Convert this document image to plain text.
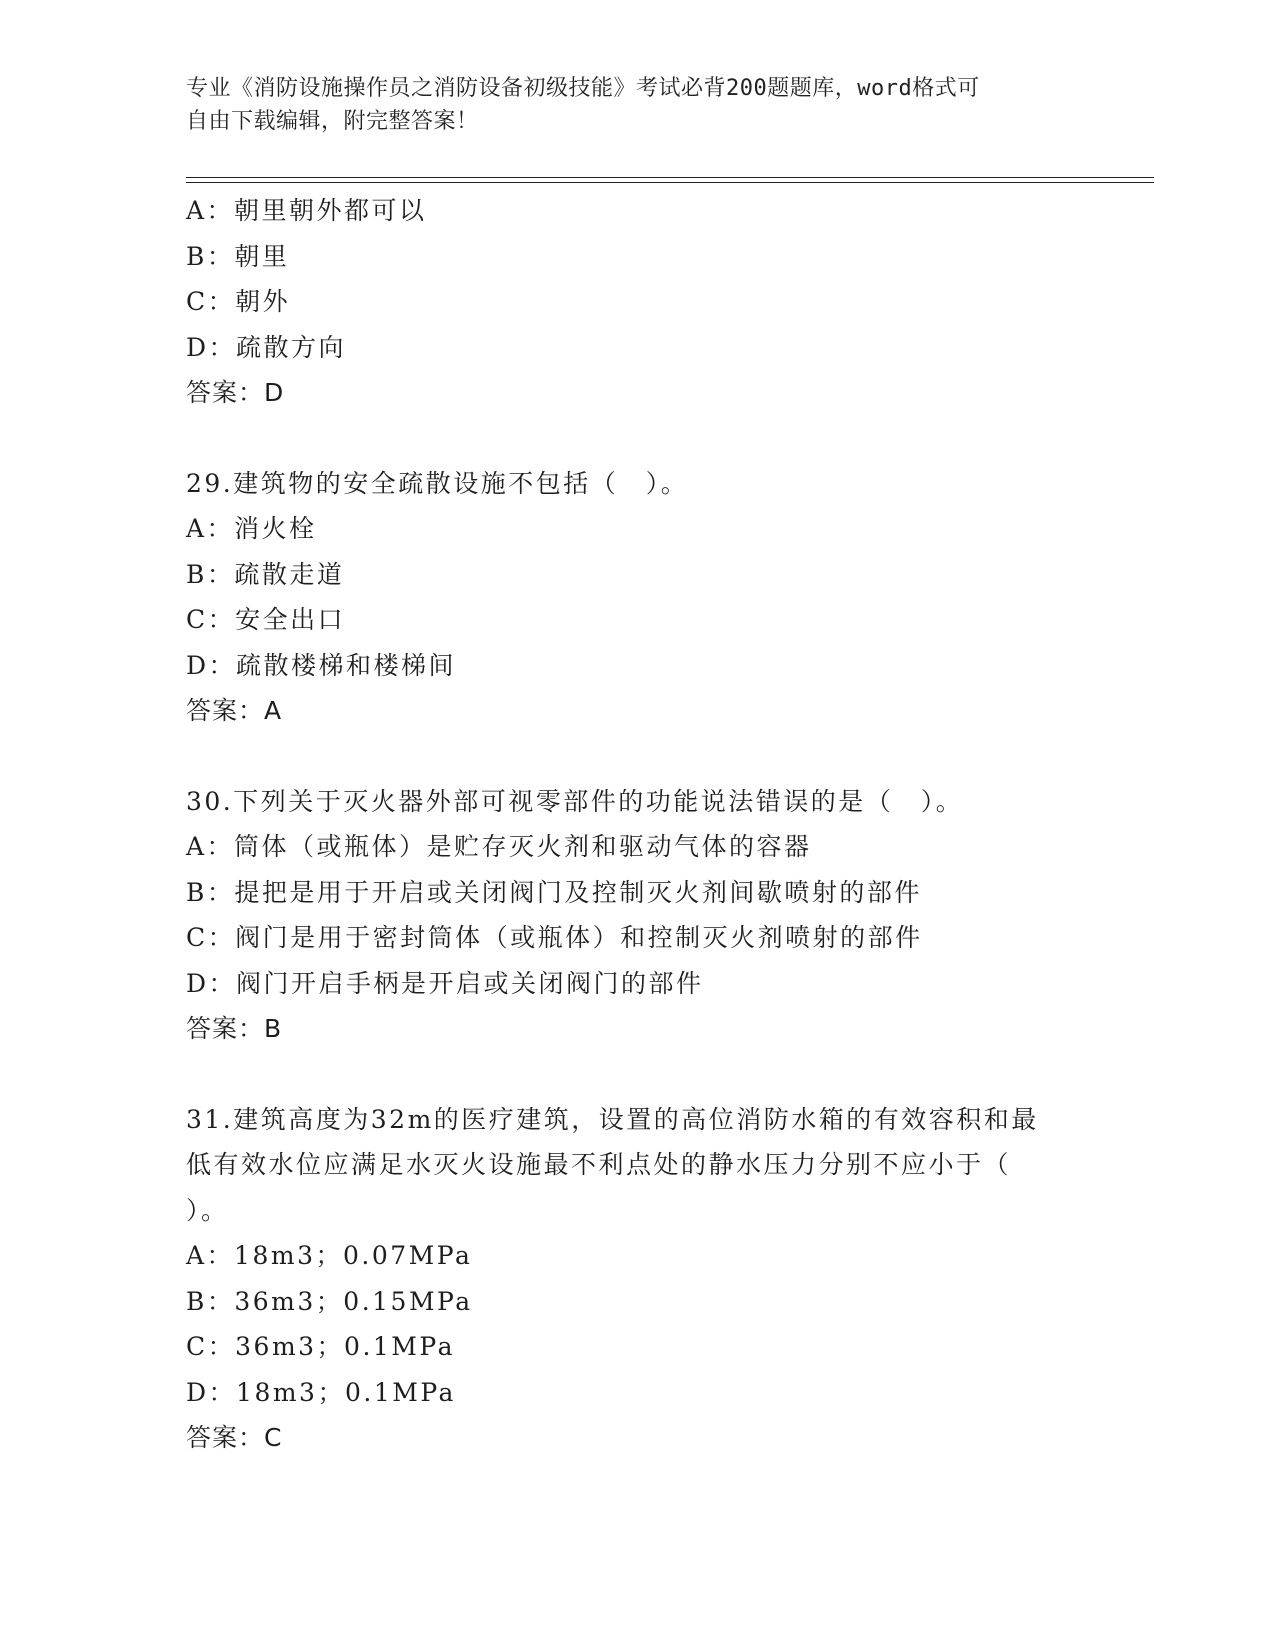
专业《消防设施操作员之消防设备初级技能》考试必背200题题库，word格式可
自由下载编辑，附完整答案！
A：朝里朝外都可以
B：朝里
C：朝外
D：疏散方向
答案：D
29.建筑物的安全疏散设施不包括（　）。
A：消火栓
B：疏散走道
C：安全出口
D：疏散楼梯和楼梯间
答案：A
30.下列关于灭火器外部可视零部件的功能说法错误的是（　）。
A：筒体（或瓶体）是贮存灭火剂和驱动气体的容器
B：提把是用于开启或关闭阀门及控制灭火剂间歇喷射的部件
C：阀门是用于密封筒体（或瓶体）和控制灭火剂喷射的部件
D：阀门开启手柄是开启或关闭阀门的部件
答案：B
31.建筑高度为32m的医疗建筑，设置的高位消防水箱的有效容积和最
低有效水位应满足水灭火设施最不利点处的静水压力分别不应小于（
）。
A：18m3；0.07MPa
B：36m3；0.15MPa
C：36m3；0.1MPa
D：18m3；0.1MPa
答案：C
